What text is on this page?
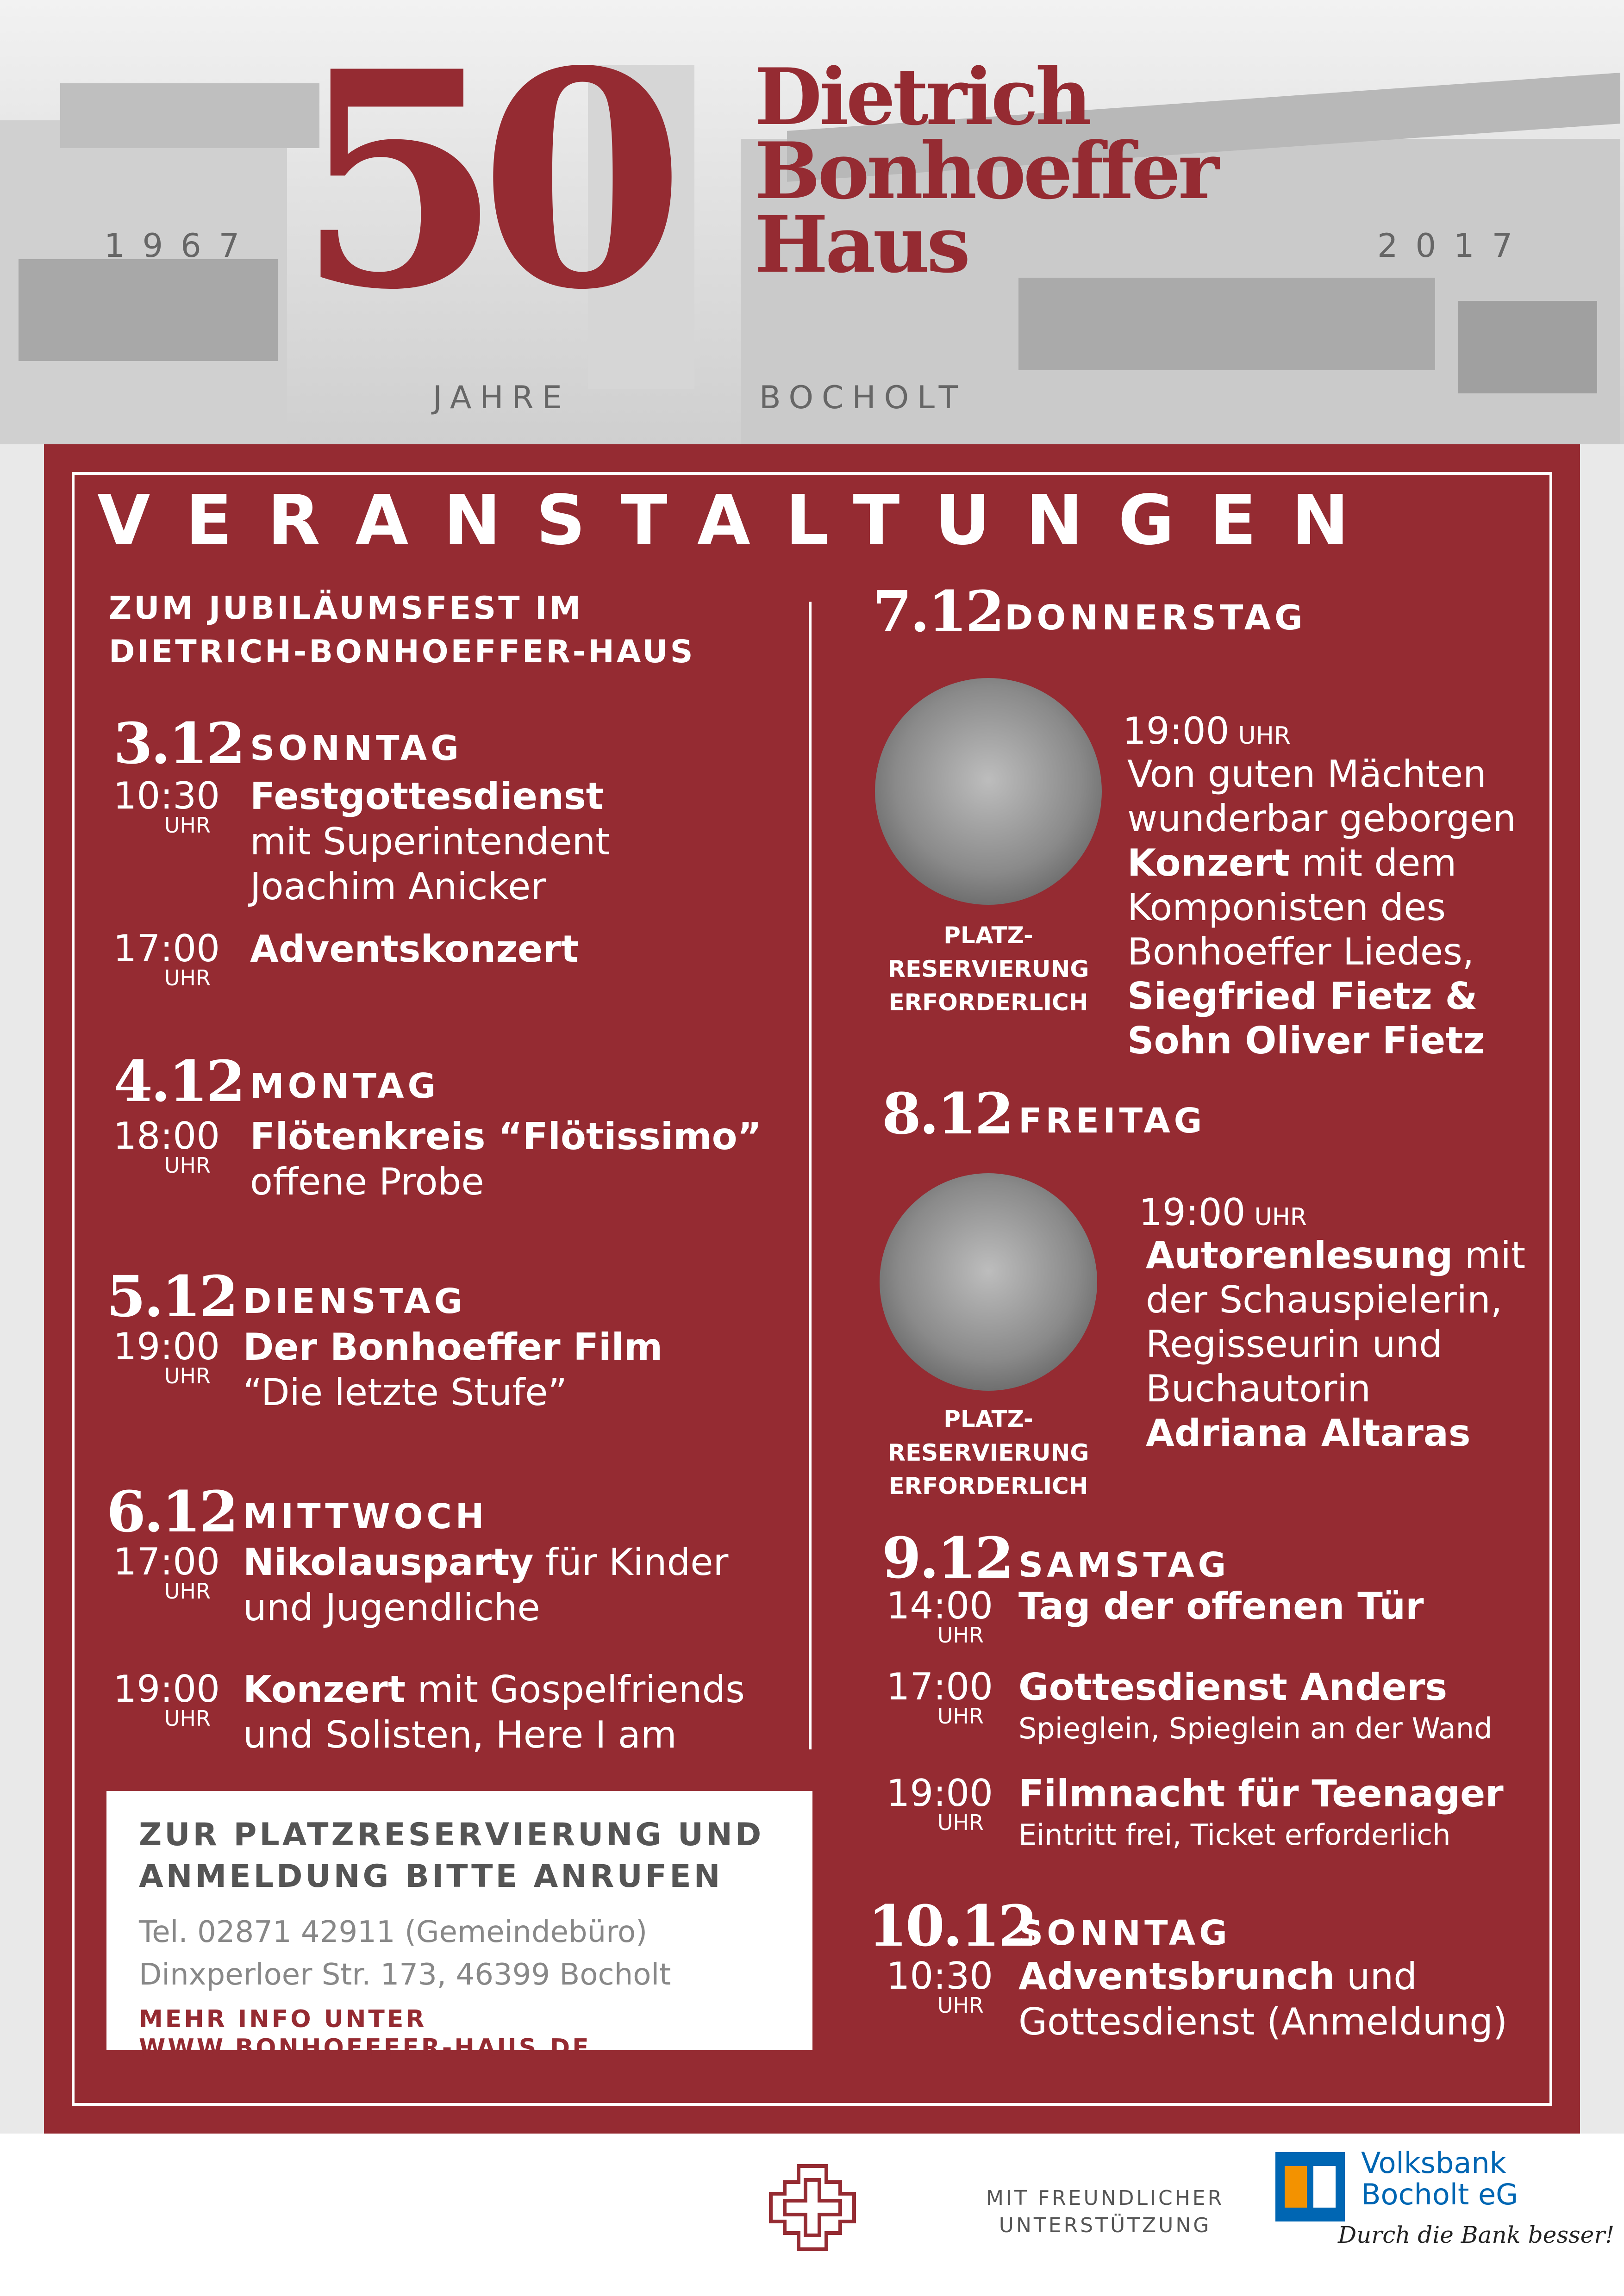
1967	2017
50
JAHRE	BOCHOLT
Dietrich
Bonhoeffer
Haus
VERANSTALTUNGEN
ZUM JUBILÄUMSFEST IM
DIETRICH-BONHOEFFER-HAUS
3.12 SONNTAG
10:30
UHR
Festgottesdienst
mit Superintendent
Joachim Anicker
17:00
UHR
Adventskonzert
4.12 MONTAG
18:00
UHR
Flötenkreis “Flötissimo”
offene Probe
5.12 DIENSTAG
19:00
UHR
Der Bonhoeffer Film
“Die letzte Stufe”
6.12 MITTWOCH
17:00
UHR
Nikolausparty für Kinder
und Jugendliche
19:00
UHR
Konzert mit Gospelfriends
und Solisten, Here I am
ZUR PLATZRESERVIERUNG UND
ANMELDUNG BITTE ANRUFEN
Tel. 02871 42911 (Gemeindebüro)
Dinxperloer Str. 173, 46399 Bocholt
MEHR INFO UNTER
WWW.BONHOEFFER-HAUS.DE
7.12 DONNERSTAG
PLATZ-
RESERVIERUNG
ERFORDERLICH
19:00 UHR
Von guten Mächten
wunderbar geborgen
Konzert mit dem
Komponisten des
Bonhoeffer Liedes,
Siegfried Fietz &
Sohn Oliver Fietz
8.12 FREITAG
PLATZ-
RESERVIERUNG
ERFORDERLICH
19:00 UHR
Autorenlesung mit
der Schauspielerin,
Regisseurin und
Buchautorin
Adriana Altaras
9.12 SAMSTAG
14:00
UHR
Tag der offenen Tür
17:00
UHR
Gottesdienst Anders
Spieglein, Spieglein an der Wand
19:00
UHR
Filmnacht für Teenager
Eintritt frei, Ticket erforderlich
10.12
SONNTAG
10:30
UHR
Adventsbrunch und
Gottesdienst (Anmeldung)
MIT FREUNDLICHER
UNTERSTÜTZUNG
Volksbank
Bocholt eG
Durch die Bank besser!
